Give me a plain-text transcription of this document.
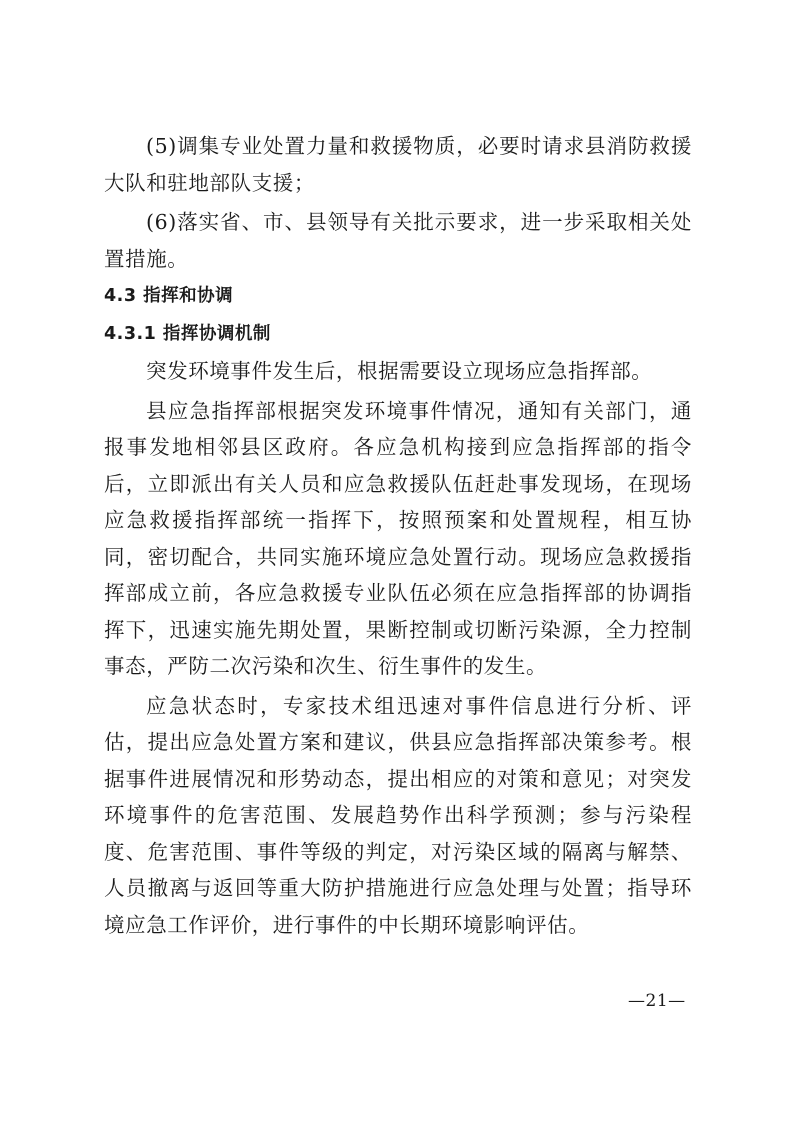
(5)调集专业处置力量和救援物质，必要时请求县消防救援大队和驻地部队支援；

(6)落实省、市、县领导有关批示要求，进一步采取相关处置措施。

4.3 指挥和协调

4.3.1 指挥协调机制

突发环境事件发生后，根据需要设立现场应急指挥部。

县应急指挥部根据突发环境事件情况，通知有关部门，通报事发地相邻县区政府。各应急机构接到应急指挥部的指令后，立即派出有关人员和应急救援队伍赶赴事发现场，在现场应急救援指挥部统一指挥下，按照预案和处置规程，相互协同，密切配合，共同实施环境应急处置行动。现场应急救援指挥部成立前，各应急救援专业队伍必须在应急指挥部的协调指挥下，迅速实施先期处置，果断控制或切断污染源，全力控制事态，严防二次污染和次生、衍生事件的发生。

应急状态时，专家技术组迅速对事件信息进行分析、评估，提出应急处置方案和建议，供县应急指挥部决策参考。根据事件进展情况和形势动态，提出相应的对策和意见；对突发环境事件的危害范围、发展趋势作出科学预测；参与污染程度、危害范围、事件等级的判定，对污染区域的隔离与解禁、人员撤离与返回等重大防护措施进行应急处理与处置；指导环境应急工作评价，进行事件的中长期环境影响评估。

—21—
